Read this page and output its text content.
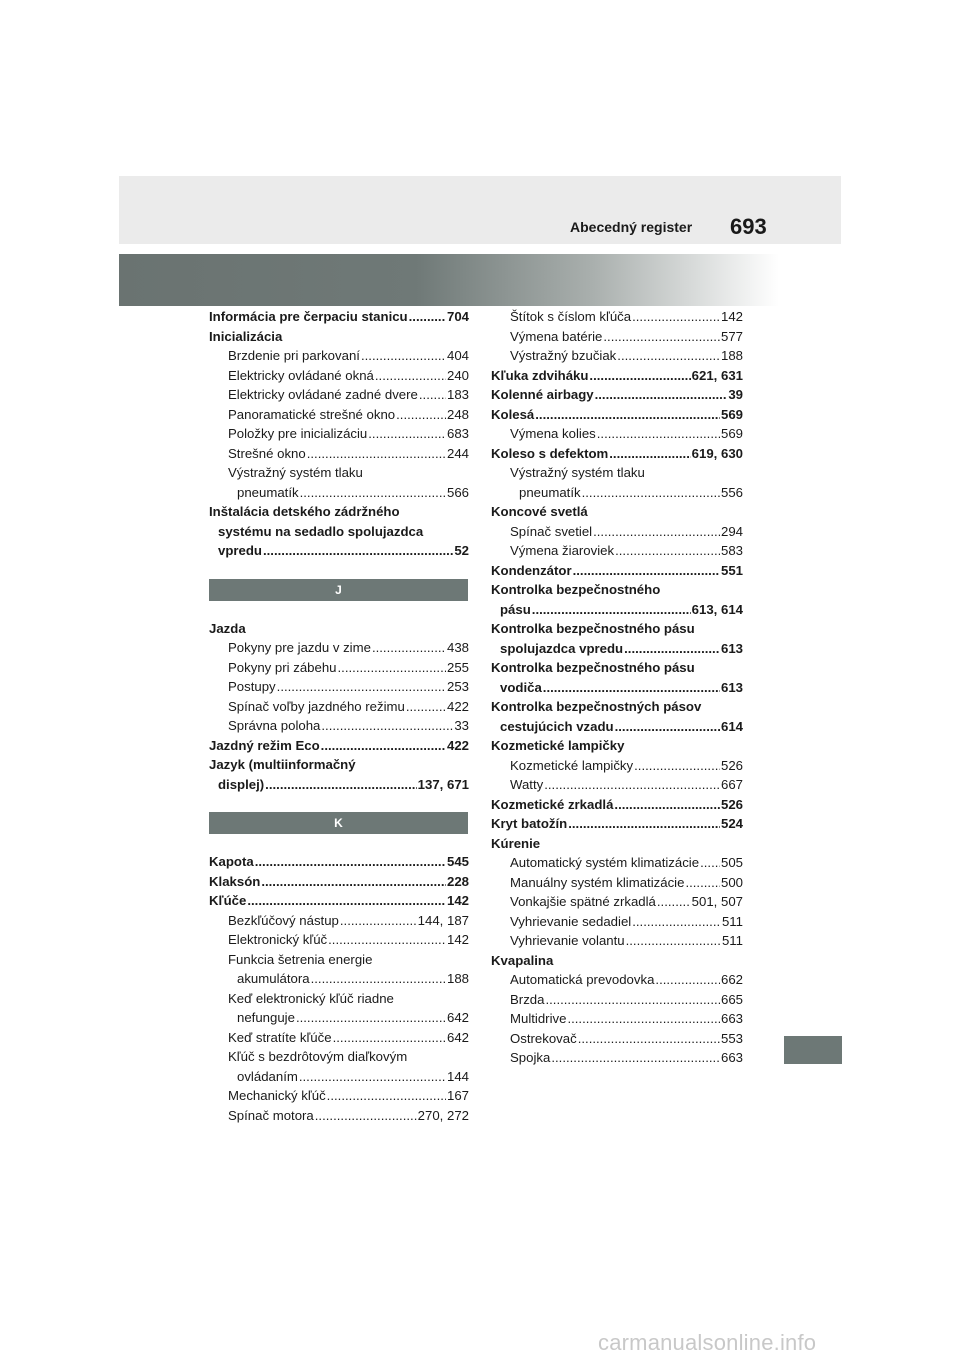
Abecedný register 693
Informácia pre čerpaciu stanicu .....	704
Inicializácia
Brzdenie pri parkovaní .....	404
Elektricky ovládané okná .....	240
Elektricky ovládané zadné dvere ..... 183
Panoramatické strešné okno .....	248
Položky pre inicializáciu .....	683
Strešné okno .....	244
Výstražný systém tlaku
pneumatík .....	566
Inštalácia detského zádržného
systému na sedadlo spolujazdca
vpredu .....	52
J
Jazda
Pokyny pre jazdu v zime .....	438
Pokyny pri zábehu .....	255
Postupy .....	253
Spínač voľby jazdného režimu .....	422
Správna poloha .....	33
Jazdný režim Eco .....	422
Jazyk (multiinformačný
displej) .....	137, 671
K
Kapota .....	545
Klaksón .....	228
Kľúče .....	142
Bezkľúčový nástup .....	144, 187
Elektronický kľúč .....	142
Funkcia šetrenia energie
akumulátora .....	188
Keď elektronický kľúč riadne
nefunguje .....	642
Keď stratíte kľúče .....	642
Kľúč s bezdrôtovým diaľkovým
ovládaním .....	144
Mechanický kľúč .....	167
Spínač motora .....	270, 272
Štítok s číslom kľúča .....	142
Výmena batérie .....	577
Výstražný bzučiak .....	188
Kľuka zdviháku .....	621, 631
Kolenné airbagy .....	39
Kolesá .....	569
Výmena kolies .....	569
Koleso s defektom .....	619, 630
Výstražný systém tlaku
pneumatík .....	556
Koncové svetlá
Spínač svetiel .....	294
Výmena žiaroviek .....	583
Kondenzátor .....	551
Kontrolka bezpečnostného
pásu .....	613, 614
Kontrolka bezpečnostného pásu
spolujazdca vpredu .....	613
Kontrolka bezpečnostného pásu
vodiča .....	613
Kontrolka bezpečnostných pásov
cestujúcich vzadu .....	614
Kozmetické lampičky
Kozmetické lampičky .....	526
Watty .....	667
Kozmetické zrkadlá .....	526
Kryt batožín .....	524
Kúrenie
Automatický systém klimatizácie ..... 505
Manuálny systém klimatizácie .....	500
Vonkajšie spätné zrkadlá .....	501, 507
Vyhrievanie sedadiel .....	511
Vyhrievanie volantu .....	511
Kvapalina
Automatická prevodovka .....	662
Brzda .....	665
Multidrive .....	663
Ostrekovač .....	553
Spojka .....	663
carmanualsonline.info
